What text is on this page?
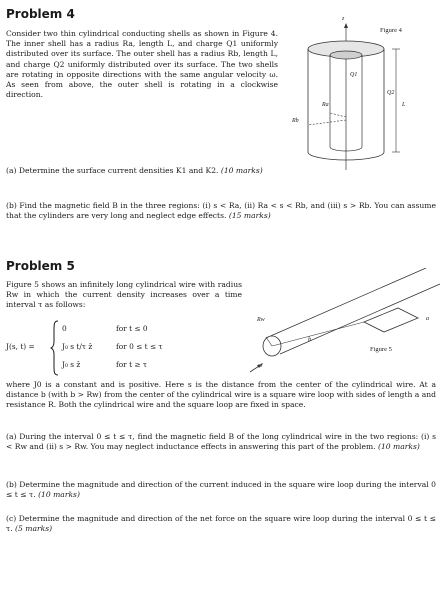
Problem 4
Consider two thin cylindrical conducting shells as shown in Figure 4. The inner shell has a radius Ra, length L, and charge Q1 uniformly distributed over its surface. The outer shell has a radius Rb, length L, and charge Q2 uniformly distributed over its surface. The two shells are rotating in opposite directions with the same angular velocity ω. As seen from above, the outer shell is rotating in a clockwise direction.
Figure 4
z
Q1
Q2
L
Ra
Rb
(a) Determine the surface current densities K1 and K2. (10 marks)
(b) Find the magnetic field B in the three regions: (i) s < Ra, (ii) Ra < s < Rb, and (iii) s > Rb. You can assume that the cylinders are very long and neglect edge effects. (15 marks)
Problem 5
Figure 5 shows an infinitely long cylindrical wire with radius Rw in which the current density increases over a time interval τ as follows:
J(s, t) =
0	for t ≤ 0
J₀ s t/τ ẑ	for 0 ≤ t ≤ τ
J₀ s ẑ	for t ≥ τ
Figure 5
Rw
J
b
a
where J0 is a constant and is positive. Here s is the distance from the center of the cylindrical wire. At a distance b (with b > Rw) from the center of the cylindrical wire is a square wire loop with sides of length a and resistance R. Both the cylindrical wire and the square loop are fixed in space.
(a) During the interval 0 ≤ t ≤ τ, find the magnetic field B of the long cylindrical wire in the two regions: (i) s < Rw and (ii) s > Rw. You may neglect inductance effects in answering this part of the problem. (10 marks)
(b) Determine the magnitude and direction of the current induced in the square wire loop during the interval 0 ≤ t ≤ τ. (10 marks)
(c) Determine the magnitude and direction of the net force on the square wire loop during the interval 0 ≤ t ≤ τ. (5 marks)
